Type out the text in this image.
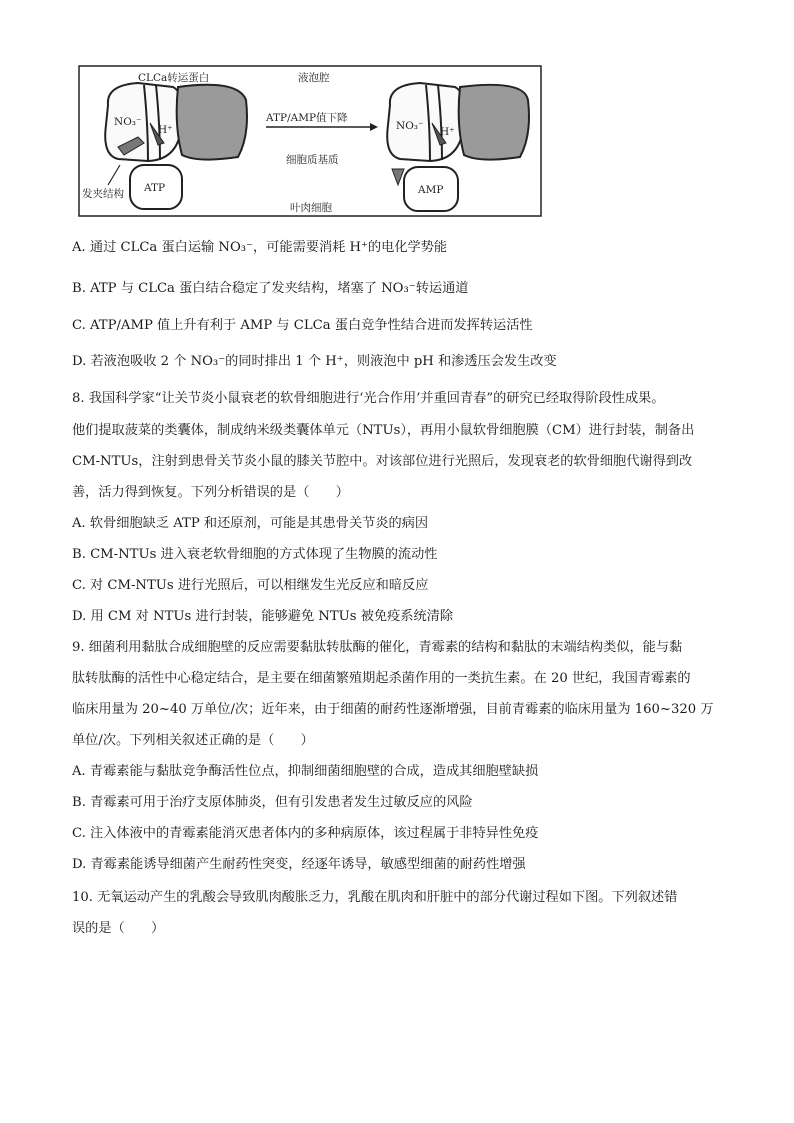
CLCa转运蛋白	液泡腔
ATP/AMP值下降
细胞质基质
叶肉细胞
发夹结构
NO₃⁻
H⁺	NO₃⁻ H⁺
ATP	AMP
A. 通过 CLCa 蛋白运输 NO₃⁻，可能需要消耗 H⁺的电化学势能
B. ATP 与 CLCa 蛋白结合稳定了发夹结构，堵塞了 NO₃⁻转运通道
C. ATP/AMP 值上升有利于 AMP 与 CLCa 蛋白竞争性结合进而发挥转运活性
D. 若液泡吸收 2 个 NO₃⁻的同时排出 1 个 H⁺，则液泡中 pH 和渗透压会发生改变
8. 我国科学家“让关节炎小鼠衰老的软骨细胞进行‘光合作用’并重回青春”的研究已经取得阶段性成果。
他们提取菠菜的类囊体，制成纳米级类囊体单元（NTUs），再用小鼠软骨细胞膜（CM）进行封装，制备出
CM-NTUs，注射到患骨关节炎小鼠的膝关节腔中。对该部位进行光照后，发现衰老的软骨细胞代谢得到改
善，活力得到恢复。下列分析错误的是（　　）
A. 软骨细胞缺乏 ATP 和还原剂，可能是其患骨关节炎的病因
B. CM-NTUs 进入衰老软骨细胞的方式体现了生物膜的流动性
C. 对 CM-NTUs 进行光照后，可以相继发生光反应和暗反应
D. 用 CM 对 NTUs 进行封装，能够避免 NTUs 被免疫系统清除
9. 细菌利用黏肽合成细胞壁的反应需要黏肽转肽酶的催化，青霉素的结构和黏肽的末端结构类似，能与黏
肽转肽酶的活性中心稳定结合，是主要在细菌繁殖期起杀菌作用的一类抗生素。在 20 世纪，我国青霉素的
临床用量为 20~40 万单位/次；近年来，由于细菌的耐药性逐渐增强，目前青霉素的临床用量为 160~320 万
单位/次。下列相关叙述正确的是（　　）
A. 青霉素能与黏肽竞争酶活性位点，抑制细菌细胞壁的合成，造成其细胞壁缺损
B. 青霉素可用于治疗支原体肺炎，但有引发患者发生过敏反应的风险
C. 注入体液中的青霉素能消灭患者体内的多种病原体，该过程属于非特异性免疫
D. 青霉素能诱导细菌产生耐药性突变，经逐年诱导，敏感型细菌的耐药性增强
10. 无氧运动产生的乳酸会导致肌肉酸胀乏力，乳酸在肌肉和肝脏中的部分代谢过程如下图。下列叙述错
误的是（　　）
